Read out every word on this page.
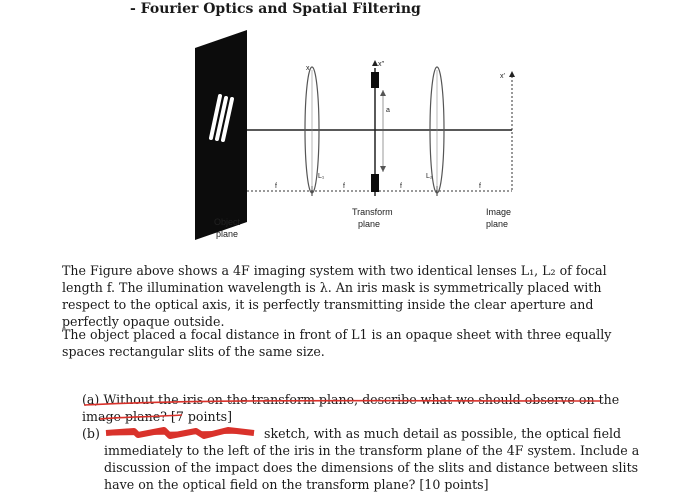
- Fourier Optics and Spatial Filtering
x
x″
x′
a
L₁	L₂
f	f	f	f
Object
plane
Transform
plane
Image
plane
The Figure above shows a 4F imaging system with two identical lenses L₁, L₂ of focal length f. The illumination wavelength is λ. An iris mask is symmetrically placed with respect to the optical axis, it is perfectly transmitting inside the clear aperture and perfectly opaque outside.
The object placed a focal distance in front of L1 is an opaque sheet with three equally spaces rectangular slits of the same size.
(a) Without the iris on the transform plane, describe what we should observe on the image plane? [7 points]
(b)	sketch, with as much detail as possible, the optical field immediately to the left of the iris in the transform plane of the 4F system. Include a discussion of the impact does the dimensions of the slits and distance between slits have on the optical field on the transform plane? [10 points]
